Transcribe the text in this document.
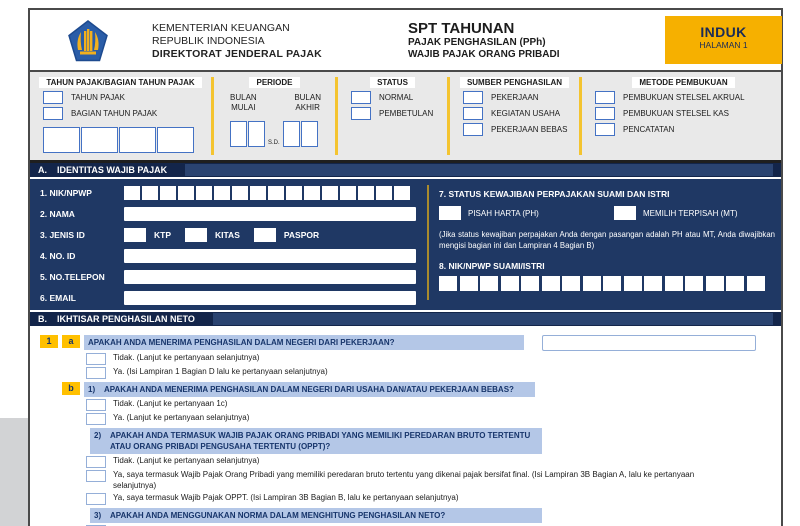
KEMENTERIAN KEUANGAN
REPUBLIK INDONESIA
DIREKTORAT JENDERAL PAJAK
SPT TAHUNAN
PAJAK PENGHASILAN (PPh)
WAJIB PAJAK ORANG PRIBADI
INDUK
HALAMAN 1
TAHUN PAJAK/BAGIAN TAHUN PAJAK
TAHUN PAJAK
BAGIAN TAHUN PAJAK
PERIODE
BULAN
MULAI
BULAN
AKHIR
S.D.
STATUS
NORMAL
PEMBETULAN
SUMBER PENGHASILAN
PEKERJAAN
KEGIATAN USAHA
PEKERJAAN BEBAS
METODE PEMBUKUAN
PEMBUKUAN STELSEL AKRUAL
PEMBUKUAN STELSEL KAS
PENCATATAN
A. IDENTITAS WAJIB PAJAK
1. NIK/NPWP
2. NAMA
3. JENIS ID	KTP	KITAS	PASPOR
4. NO. ID
5. NO.TELEPON
6. EMAIL
7. STATUS KEWAJIBAN PERPAJAKAN SUAMI DAN ISTRI
PISAH HARTA (PH)	MEMILIH TERPISAH (MT)
(Jika status kewajiban perpajakan Anda dengan pasangan adalah PH atau MT, Anda diwajibkan mengisi bagian ini dan Lampiran 4 Bagian B)
8. NIK/NPWP SUAMI/ISTRI
B. IKHTISAR PENGHASILAN NETO
1	a	APAKAH ANDA MENERIMA PENGHASILAN DALAM NEGERI DARI PEKERJAAN?
Tidak. (Lanjut ke pertanyaan selanjutnya)
Ya. (Isi Lampiran 1 Bagian D lalu ke pertanyaan selanjutnya)
b	1)	APAKAH ANDA MENERIMA PENGHASILAN DALAM NEGERI DARI USAHA DAN/ATAU PEKERJAAN BEBAS?
Tidak. (Lanjut ke pertanyaan 1c)
Ya. (Lanjut ke pertanyaan selanjutnya)
2)	APAKAH ANDA TERMASUK WAJIB PAJAK ORANG PRIBADI YANG MEMILIKI PEREDARAN BRUTO TERTENTU ATAU ORANG PRIBADI PENGUSAHA TERTENTU (OPPT)?
Tidak. (Lanjut ke pertanyaan selanjutnya)
Ya, saya termasuk Wajib Pajak Orang Pribadi yang memiliki peredaran bruto tertentu yang dikenai pajak bersifat final. (Isi Lampiran 3B Bagian A, lalu ke pertanyaan selanjutnya)
Ya, saya termasuk Wajib Pajak OPPT. (Isi Lampiran 3B Bagian B, lalu ke pertanyaan selanjutnya)
3)	APAKAH ANDA MENGGUNAKAN NORMA DALAM MENGHITUNG PENGHASILAN NETO?
